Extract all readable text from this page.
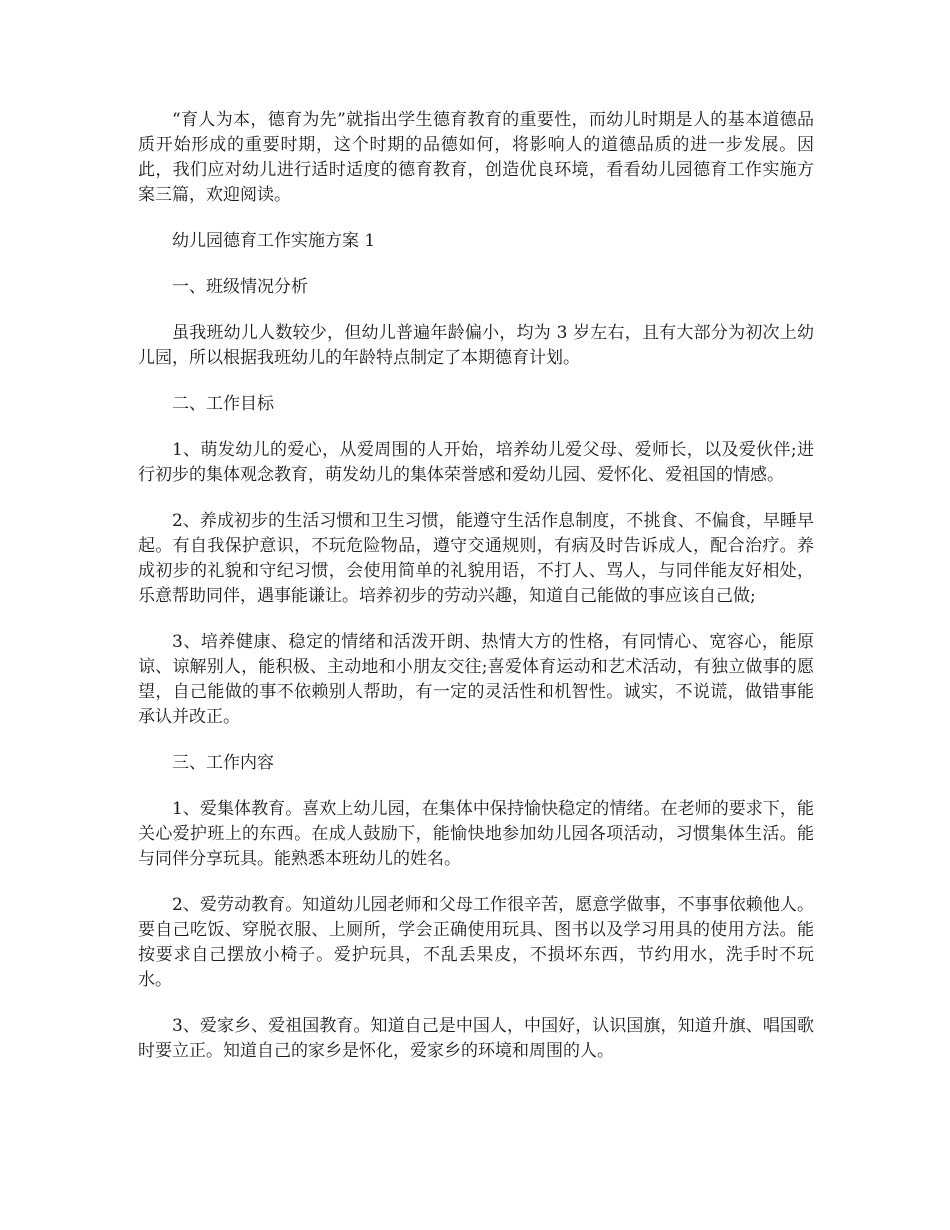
“育人为本，德育为先”就指出学生德育教育的重要性，而幼儿时期是人的基本道德品质开始形成的重要时期，这个时期的品德如何，将影响人的道德品质的进一步发展。因此，我们应对幼儿进行适时适度的德育教育，创造优良环境，看看幼儿园德育工作实施方案三篇，欢迎阅读。

幼儿园德育工作实施方案 1

一、班级情况分析

虽我班幼儿人数较少，但幼儿普遍年龄偏小，均为 3 岁左右，且有大部分为初次上幼儿园，所以根据我班幼儿的年龄特点制定了本期德育计划。

二、工作目标

1、萌发幼儿的爱心，从爱周围的人开始，培养幼儿爱父母、爱师长，以及爱伙伴;进行初步的集体观念教育，萌发幼儿的集体荣誉感和爱幼儿园、爱怀化、爱祖国的情感。

2、养成初步的生活习惯和卫生习惯，能遵守生活作息制度，不挑食、不偏食，早睡早起。有自我保护意识，不玩危险物品，遵守交通规则，有病及时告诉成人，配合治疗。养成初步的礼貌和守纪习惯，会使用简单的礼貌用语，不打人、骂人，与同伴能友好相处，乐意帮助同伴，遇事能谦让。培养初步的劳动兴趣，知道自己能做的事应该自己做;

3、培养健康、稳定的情绪和活泼开朗、热情大方的性格，有同情心、宽容心，能原谅、谅解别人，能积极、主动地和小朋友交往;喜爱体育运动和艺术活动，有独立做事的愿望，自己能做的事不依赖别人帮助，有一定的灵活性和机智性。诚实，不说谎，做错事能承认并改正。

三、工作内容

1、爱集体教育。喜欢上幼儿园，在集体中保持愉快稳定的情绪。在老师的要求下，能关心爱护班上的东西。在成人鼓励下，能愉快地参加幼儿园各项活动，习惯集体生活。能与同伴分享玩具。能熟悉本班幼儿的姓名。

2、爱劳动教育。知道幼儿园老师和父母工作很辛苦，愿意学做事，不事事依赖他人。要自己吃饭、穿脱衣服、上厕所，学会正确使用玩具、图书以及学习用具的使用方法。能按要求自己摆放小椅子。爱护玩具，不乱丢果皮，不损坏东西，节约用水，洗手时不玩水。

3、爱家乡、爱祖国教育。知道自己是中国人，中国好，认识国旗，知道升旗、唱国歌时要立正。知道自己的家乡是怀化，爱家乡的环境和周围的人。
